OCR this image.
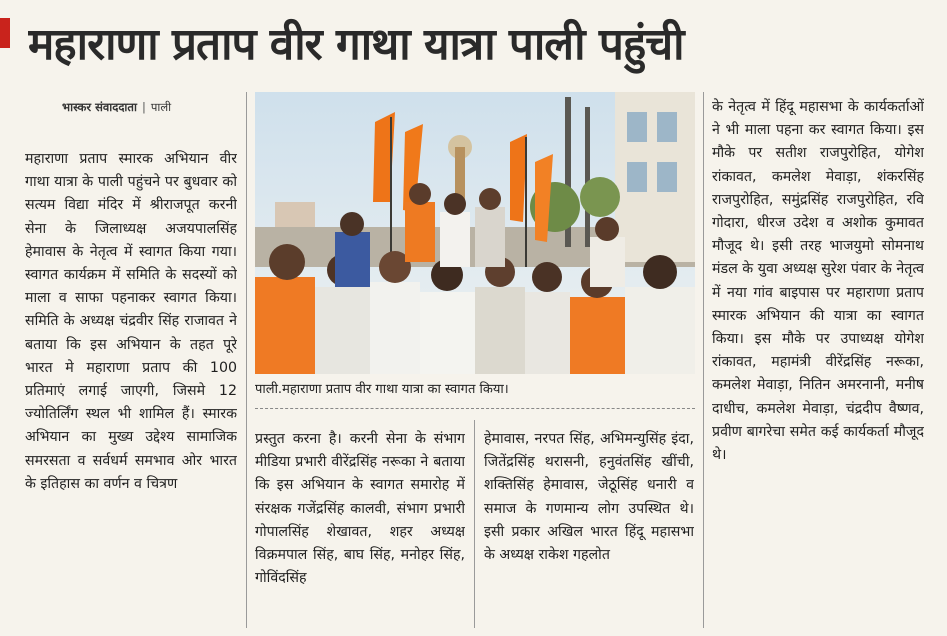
महाराणा प्रताप वीर गाथा यात्रा पाली पहुंची
भास्कर संवाददाता | पाली
महाराणा प्रताप स्मारक अभियान वीर गाथा यात्रा के पाली पहुंचने पर बुधवार को सत्यम विद्या मंदिर में श्रीराजपूत करनी सेना के जिलाध्यक्ष अजयपालसिंह हेमावास के नेतृत्व में स्वागत किया गया। स्वागत कार्यक्रम में समिति के सदस्यों को माला व साफा पहनाकर स्वागत किया। समिति के अध्यक्ष चंद्रवीर सिंह राजावत ने बताया कि इस अभियान के तहत पूरे भारत मे महाराणा प्रताप की 100 प्रतिमाएं लगाई जाएगी, जिसमे 12 ज्योतिर्लिंग स्थल भी शामिल हैं। स्मारक अभियान का मुख्य उद्देश्य सामाजिक समरसता व सर्वधर्म समभाव ओर भारत के इतिहास का वर्णन व चित्रण
पाली.महाराणा प्रताप वीर गाथा यात्रा का स्वागत किया।
प्रस्तुत करना है। करनी सेना के संभाग मीडिया प्रभारी वीरेंद्रसिंह नरूका ने बताया कि इस अभियान के स्वागत समारोह में संरक्षक गजेंद्रसिंह कालवी, संभाग प्रभारी गोपालसिंह शेखावत, शहर अध्यक्ष विक्रमपाल सिंह, बाघ सिंह, मनोहर सिंह, गोविंदसिंह
हेमावास, नरपत सिंह, अभिमन्युसिंह इंदा, जितेंद्रसिंह थरासनी, हनुवंतसिंह खींची, शक्तिसिंह हेमावास, जेठूसिंह धनारी व समाज के गणमान्य लोग उपस्थित थे। इसी प्रकार अखिल भारत हिंदू महासभा के अध्यक्ष राकेश गहलोत
के नेतृत्व में हिंदू महासभा के कार्यकर्ताओं ने भी माला पहना कर स्वागत किया। इस मौके पर सतीश राजपुरोहित, योगेश रांकावत, कमलेश मेवाड़ा, शंकरसिंह राजपुरोहित, समुंद्रसिंह राजपुरोहित, रवि गोदारा, धीरज उदेश व अशोक कुमावत मौजूद थे। इसी तरह भाजयुमो सोमनाथ मंडल के युवा अध्यक्ष सुरेश पंवार के नेतृत्व में नया गांव बाइपास पर महाराणा प्रताप स्मारक अभियान की यात्रा का स्वागत किया। इस मौके पर उपाध्यक्ष योगेश रांकावत, महामंत्री वीरेंद्रसिंह नरूका, कमलेश मेवाड़ा, नितिन अमरनानी, मनीष दाधीच, कमलेश मेवाड़ा, चंद्रदीप वैष्णव, प्रवीण बागरेचा समेत कई कार्यकर्ता मौजूद थे।
